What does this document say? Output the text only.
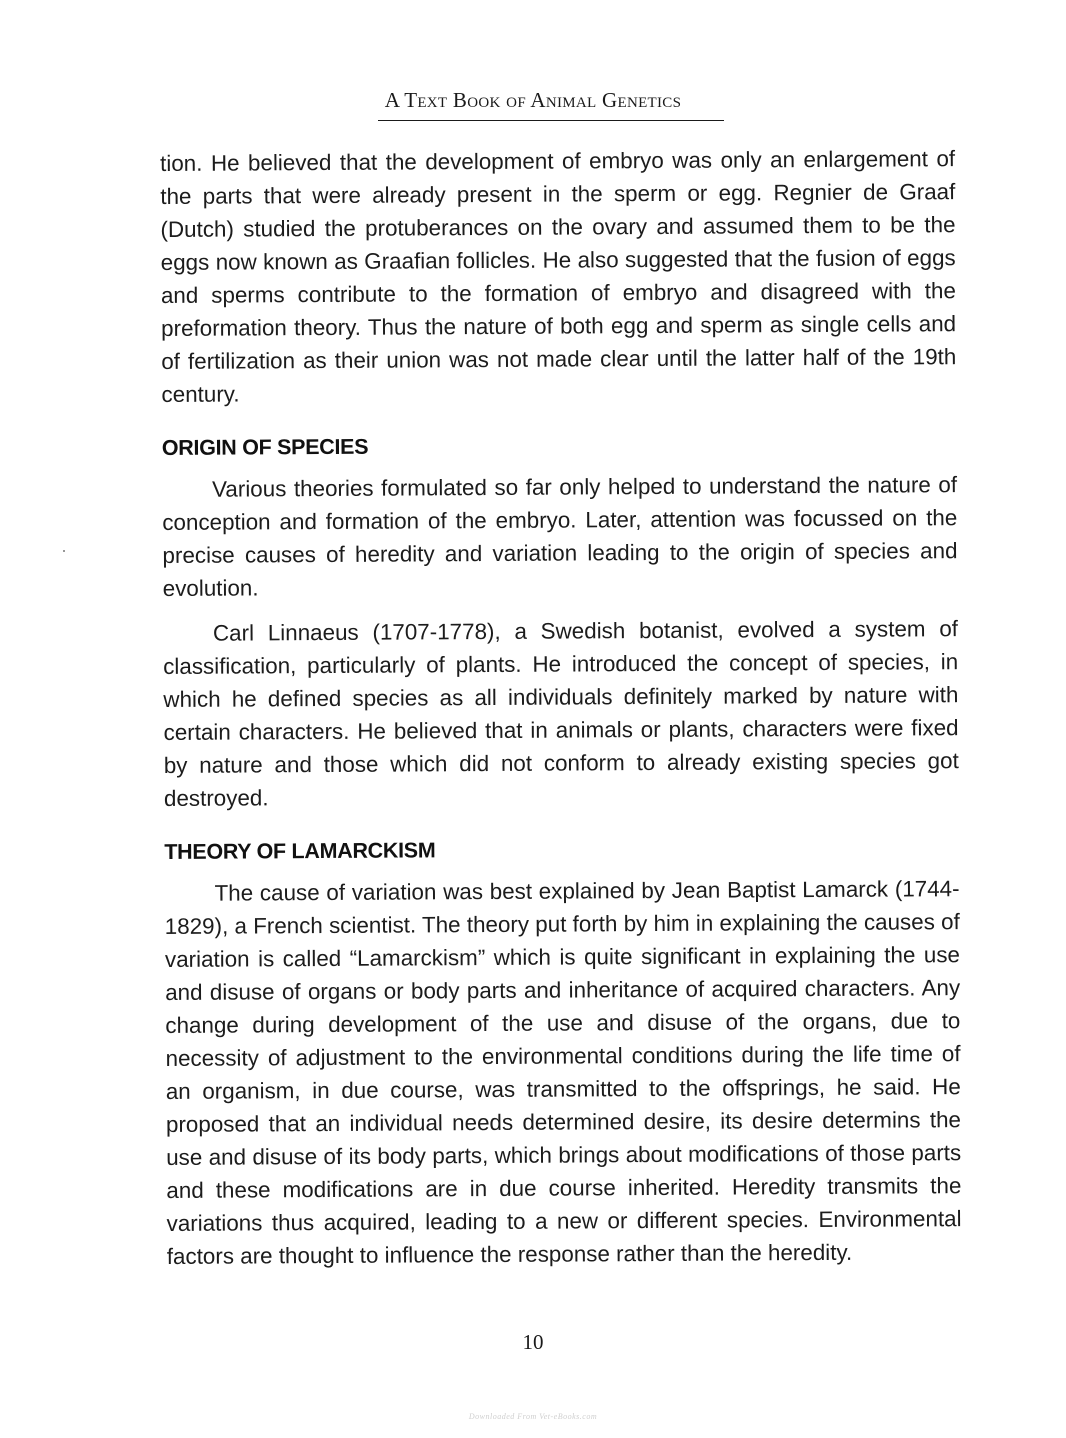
A Text Book of Animal Genetics

tion. He believed that the development of embryo was only an enlargement of the parts that were already present in the sperm or egg. Regnier de Graaf (Dutch) studied the protuberances on the ovary and assumed them to be the eggs now known as Graafian follicles. He also suggested that the fusion of eggs and sperms contribute to the formation of embryo and disagreed with the preformation theory. Thus the nature of both egg and sperm as single cells and of fertilization as their union was not made clear until the latter half of the 19th century.

ORIGIN OF SPECIES

Various theories formulated so far only helped to understand the nature of conception and formation of the embryo. Later, attention was focussed on the precise causes of heredity and variation leading to the origin of species and evolution.

Carl Linnaeus (1707-1778), a Swedish botanist, evolved a system of classification, particularly of plants. He introduced the concept of species, in which he defined species as all individuals definitely marked by nature with certain characters. He believed that in animals or plants, characters were fixed by nature and those which did not conform to already existing species got destroyed.

THEORY OF LAMARCKISM

The cause of variation was best explained by Jean Baptist Lamarck (1744-1829), a French scientist. The theory put forth by him in explaining the causes of variation is called “Lamarckism” which is quite significant in explaining the use and disuse of organs or body parts and inheritance of acquired characters. Any change during development of the use and disuse of the organs, due to necessity of adjustment to the environmental conditions during the life time of an organism, in due course, was transmitted to the offsprings, he said. He proposed that an individual needs determined desire, its desire determins the use and disuse of its body parts, which brings about modifications of those parts and these modifications are in due course inherited. Heredity transmits the variations thus acquired, leading to a new or different species. Environmental factors are thought to influence the response rather than the heredity.

10
Downloaded From Vet-eBooks.com
